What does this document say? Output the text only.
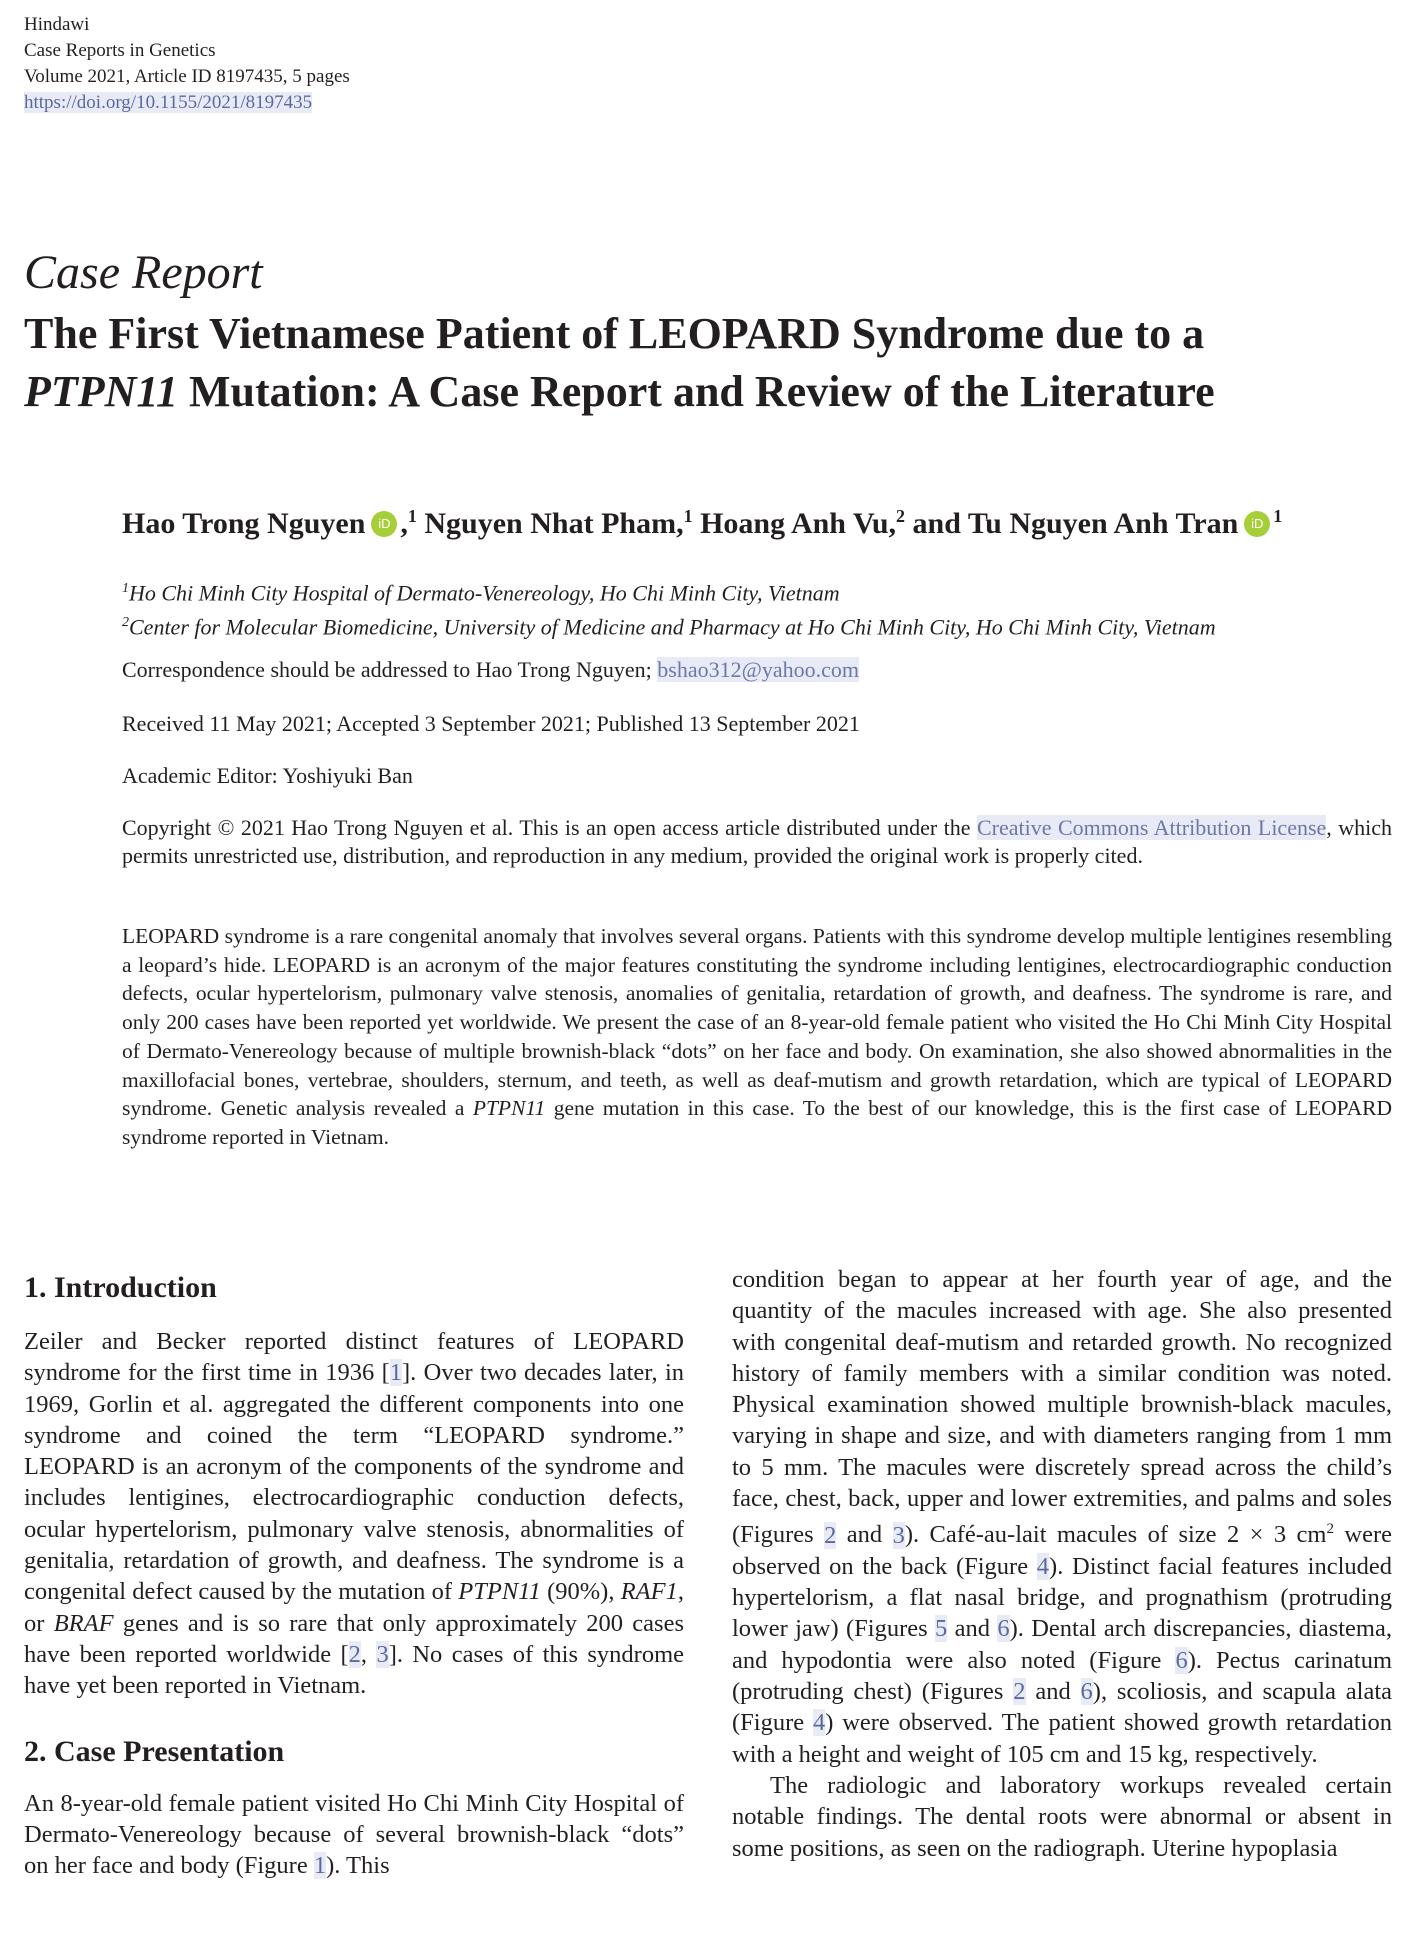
Hindawi
Case Reports in Genetics
Volume 2021, Article ID 8197435, 5 pages
https://doi.org/10.1155/2021/8197435
Case Report
The First Vietnamese Patient of LEOPARD Syndrome due to a
PTPN11 Mutation: A Case Report and Review of the Literature
Hao Trong Nguyen iD ,$^1$ Nguyen Nhat Pham,$^1$ Hoang Anh Vu,$^2$ and Tu Nguyen Anh Tran iD $^1$
$^1$Ho Chi Minh City Hospital of Dermato-Venereology, Ho Chi Minh City, Vietnam
$^2$Center for Molecular Biomedicine, University of Medicine and Pharmacy at Ho Chi Minh City, Ho Chi Minh City, Vietnam
Correspondence should be addressed to Hao Trong Nguyen; bshao312@yahoo.com
Received 11 May 2021; Accepted 3 September 2021; Published 13 September 2021
Academic Editor: Yoshiyuki Ban
Copyright © 2021 Hao Trong Nguyen et al. This is an open access article distributed under the Creative Commons Attribution License, which permits unrestricted use, distribution, and reproduction in any medium, provided the original work is properly cited.
LEOPARD syndrome is a rare congenital anomaly that involves several organs. Patients with this syndrome develop multiple lentigines resembling a leopard’s hide. LEOPARD is an acronym of the major features constituting the syndrome including lentigines, electrocardiographic conduction defects, ocular hypertelorism, pulmonary valve stenosis, anomalies of genitalia, retardation of growth, and deafness. The syndrome is rare, and only 200 cases have been reported yet worldwide. We present the case of an 8-year-old female patient who visited the Ho Chi Minh City Hospital of Dermato-Venereology because of multiple brownish-black “dots” on her face and body. On examination, she also showed abnormalities in the maxillofacial bones, vertebrae, shoulders, sternum, and teeth, as well as deaf-mutism and growth retardation, which are typical of LEOPARD syndrome. Genetic analysis revealed a PTPN11 gene mutation in this case. To the best of our knowledge, this is the first case of LEOPARD syndrome reported in Vietnam.
1. Introduction

Zeiler and Becker reported distinct features of LEOPARD syndrome for the first time in 1936 [1]. Over two decades later, in 1969, Gorlin et al. aggregated the different components into one syndrome and coined the term “LEOPARD syndrome.” LEOPARD is an acronym of the components of the syndrome and includes lentigines, electrocardiographic conduction defects, ocular hypertelorism, pulmonary valve stenosis, abnormalities of genitalia, retardation of growth, and deafness. The syndrome is a congenital defect caused by the mutation of PTPN11 (90%), RAF1, or BRAF genes and is so rare that only approximately 200 cases have been reported worldwide [2, 3]. No cases of this syndrome have yet been reported in Vietnam.

2. Case Presentation

An 8-year-old female patient visited Ho Chi Minh City Hospital of Dermato-Venereology because of several brownish-black “dots” on her face and body (Figure 1). This

condition began to appear at her fourth year of age, and the quantity of the macules increased with age. She also presented with congenital deaf-mutism and retarded growth. No recognized history of family members with a similar condition was noted. Physical examination showed multiple brownish-black macules, varying in shape and size, and with diameters ranging from 1 mm to 5 mm. The macules were discretely spread across the child’s face, chest, back, upper and lower extremities, and palms and soles (Figures 2 and 3). Café-au-lait macules of size 2 × 3 $cm^2$ were observed on the back (Figure 4). Distinct facial features included hypertelorism, a flat nasal bridge, and prognathism (protruding lower jaw) (Figures 5 and 6). Dental arch discrepancies, diastema, and hypodontia were also noted (Figure 6). Pectus carinatum (protruding chest) (Figures 2 and 6), scoliosis, and scapula alata (Figure 4) were observed. The patient showed growth retardation with a height and weight of 105 cm and 15 kg, respectively.

The radiologic and laboratory workups revealed certain notable findings. The dental roots were abnormal or absent in some positions, as seen on the radiograph. Uterine hypoplasia
